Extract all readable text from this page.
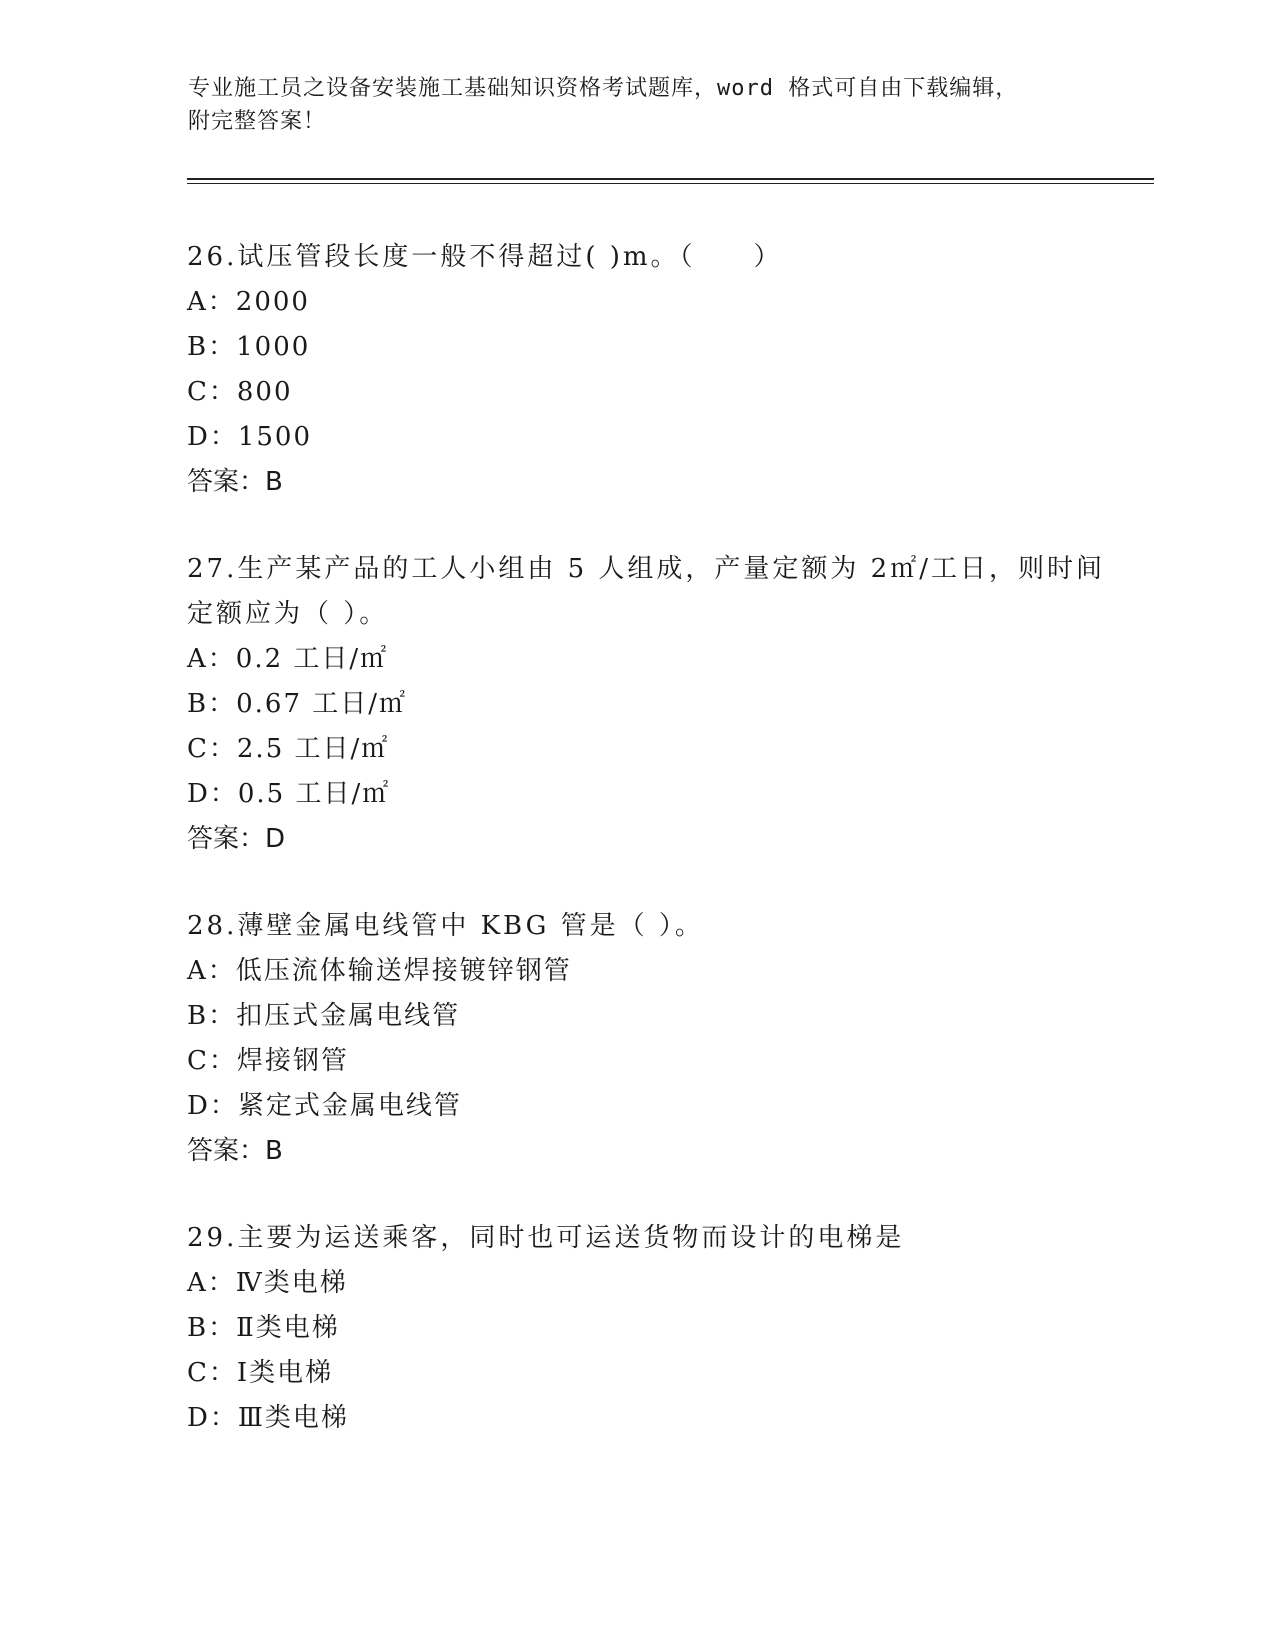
专业施工员之设备安装施工基础知识资格考试题库，word 格式可自由下载编辑，
附完整答案！

26.试压管段长度一般不得超过( )m。（　　）

A：2000

B：1000

C：800

D：1500

答案：B

27.生产某产品的工人小组由 5 人组成，产量定额为 2㎡/工日，则时间

定额应为（ ）。

A：0.2 工日/㎡

B：0.67 工日/㎡

C：2.5 工日/㎡

D：0.5 工日/㎡

答案：D

28.薄壁金属电线管中 KBG 管是（ ）。

A：低压流体输送焊接镀锌钢管

B：扣压式金属电线管

C：焊接钢管

D：紧定式金属电线管

答案：B

29.主要为运送乘客，同时也可运送货物而设计的电梯是

A：Ⅳ类电梯

B：Ⅱ类电梯

C：Ⅰ类电梯

D：Ⅲ类电梯
